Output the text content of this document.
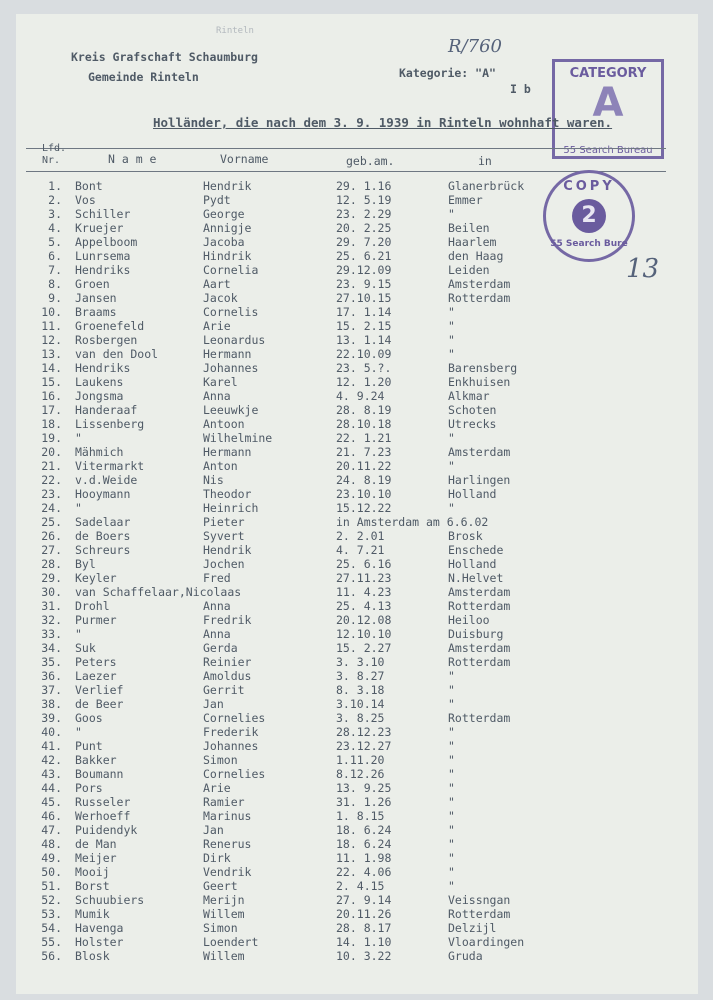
Rinteln
Kreis Grafschaft Schaumburg
Gemeinde Rinteln
R/760
Kategorie: "A"
I b
CATEGORY
A
55 Search Bureau
Holländer, die nach dem 3. 9. 1939 in Rinteln wohnhaft waren.
Lfd.
Nr.	N a m e	Vorname	geb.am.	in
COPY
2
55 Search Bure
13
1. Bont	Hendrik	29. 1.16	Glanerbrück
2. Vos	Pydt	12. 5.19	Emmer
3. Schiller	George	23. 2.29	"
4. Kruejer	Annigje	20. 2.25	Beilen
5. Appelboom	Jacoba	29. 7.20	Haarlem
6. Lunrsema	Hindrik	25. 6.21	den Haag
7. Hendriks	Cornelia	29.12.09	Leiden
8. Groen	Aart	23. 9.15	Amsterdam
9. Jansen	Jacok	27.10.15	Rotterdam
10. Braams	Cornelis	17. 1.14	"
11. Groenefeld	Arie	15. 2.15	"
12. Rosbergen	Leonardus	13. 1.14	"
13. van den Dool	Hermann	22.10.09	"
14. Hendriks	Johannes	23. 5.?.	Barensberg
15. Laukens	Karel	12. 1.20	Enkhuisen
16. Jongsma	Anna	4. 9.24	Alkmar
17. Handeraaf	Leeuwkje	28. 8.19	Schoten
18. Lissenberg	Antoon	28.10.18	Utrecks
19. "	Wilhelmine	22. 1.21	"
20. Mähmich	Hermann	21. 7.23	Amsterdam
21. Vitermarkt	Anton	20.11.22	"
22. v.d.Weide	Nis	24. 8.19	Harlingen
23. Hooymann	Theodor	23.10.10	Holland
24. "	Heinrich	15.12.22	"
25. Sadelaar	Pieter	in Amsterdam am 6.6.02
26. de Boers	Syvert	2. 2.01	Brosk
27. Schreurs	Hendrik	4. 7.21	Enschede
28. Byl	Jochen	25. 6.16	Holland
29. Keyler	Fred	27.11.23	N.Helvet
30. van Schaffelaar,Nicolaas	11. 4.23	Amsterdam
31. Drohl	Anna	25. 4.13	Rotterdam
32. Purmer	Fredrik	20.12.08	Heiloo
33. "	Anna	12.10.10	Duisburg
34. Suk	Gerda	15. 2.27	Amsterdam
35. Peters	Reinier	3. 3.10	Rotterdam
36. Laezer	Amoldus	3. 8.27	"
37. Verlief	Gerrit	8. 3.18	"
38. de Beer	Jan	3.10.14	"
39. Goos	Cornelies	3. 8.25	Rotterdam
40. "	Frederik	28.12.23	"
41. Punt	Johannes	23.12.27	"
42. Bakker	Simon	1.11.20	"
43. Boumann	Cornelies	8.12.26	"
44. Pors	Arie	13. 9.25	"
45. Russeler	Ramier	31. 1.26	"
46. Werhoeff	Marinus	1. 8.15	"
47. Puidendyk	Jan	18. 6.24	"
48. de Man	Renerus	18. 6.24	"
49. Meijer	Dirk	11. 1.98	"
50. Mooij	Vendrik	22. 4.06	"
51. Borst	Geert	2. 4.15	"
52. Schuubiers	Merijn	27. 9.14	Veissngan
53. Mumik	Willem	20.11.26	Rotterdam
54. Havenga	Simon	28. 8.17	Delzijl
55. Holster	Loendert	14. 1.10	Vloardingen
56. Blosk	Willem	10. 3.22	Gruda
